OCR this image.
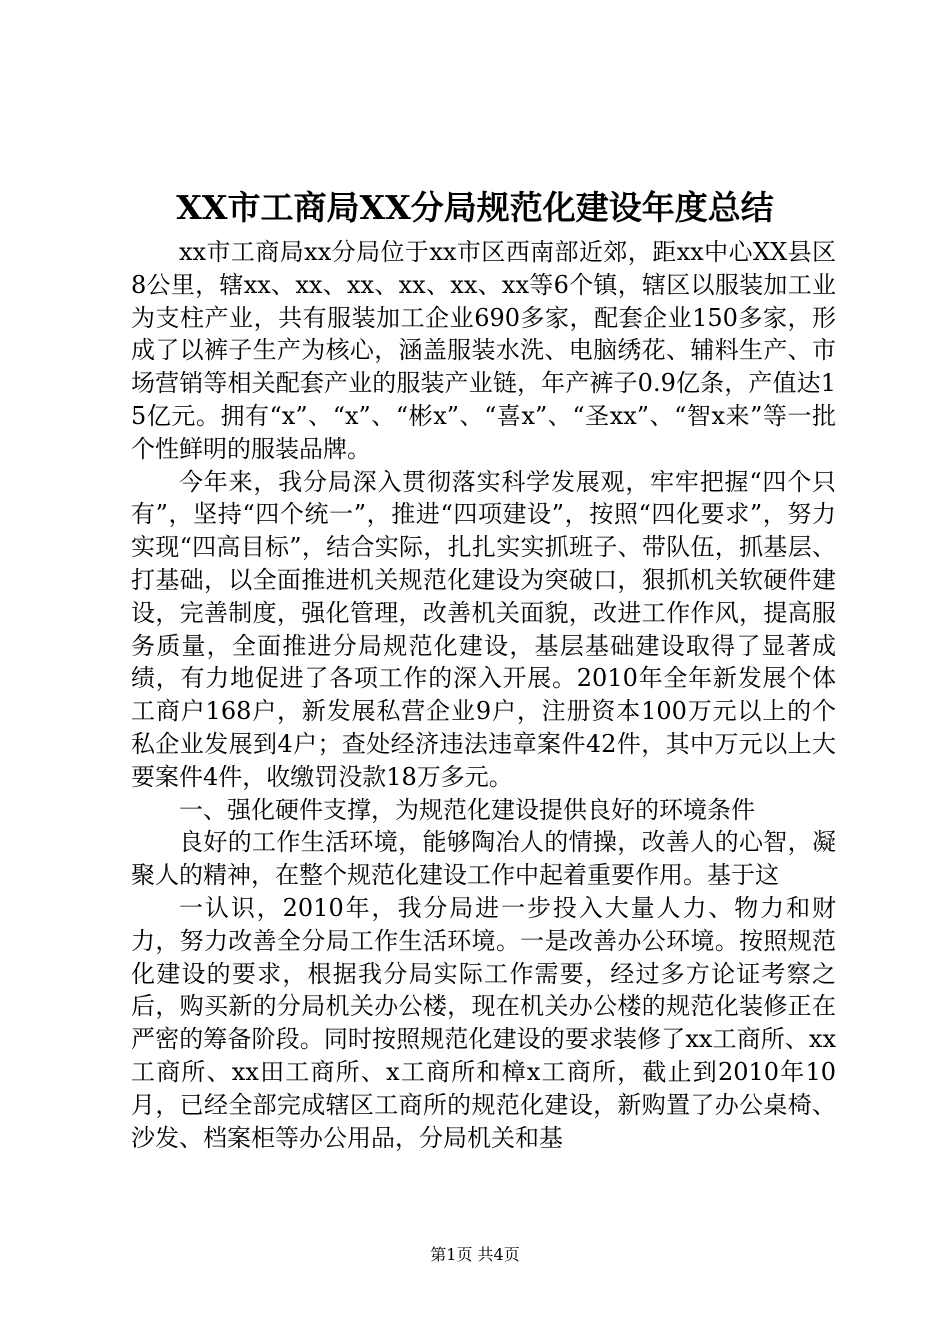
XX市工商局XX分局规范化建设年度总结

xx市工商局xx分局位于xx市区西南部近郊，距xx中心XX县区8公里，辖xx、xx、xx、xx、xx、xx等6个镇，辖区以服装加工业为支柱产业，共有服装加工企业690多家，配套企业150多家，形成了以裤子生产为核心，涵盖服装水洗、电脑绣花、辅料生产、市场营销等相关配套产业的服装产业链，年产裤子0.9亿条，产值达15亿元。拥有“x”、“x”、“彬x”、“喜x”、“圣xx”、“智x来”等一批个性鲜明的服装品牌。

今年来，我分局深入贯彻落实科学发展观，牢牢把握“四个只有”，坚持“四个统一”，推进“四项建设”，按照“四化要求”，努力实现“四高目标”，结合实际，扎扎实实抓班子、带队伍，抓基层、打基础，以全面推进机关规范化建设为突破口，狠抓机关软硬件建设，完善制度，强化管理，改善机关面貌，改进工作作风，提高服务质量，全面推进分局规范化建设，基层基础建设取得了显著成绩，有力地促进了各项工作的深入开展。2010年全年新发展个体工商户168户，新发展私营企业9户，注册资本100万元以上的个私企业发展到4户；查处经济违法违章案件42件，其中万元以上大要案件4件，收缴罚没款18万多元。

一、强化硬件支撑，为规范化建设提供良好的环境条件

良好的工作生活环境，能够陶冶人的情操，改善人的心智，凝聚人的精神，在整个规范化建设工作中起着重要作用。基于这

一认识，2010年，我分局进一步投入大量人力、物力和财力，努力改善全分局工作生活环境。一是改善办公环境。按照规范化建设的要求，根据我分局实际工作需要，经过多方论证考察之后，购买新的分局机关办公楼，现在机关办公楼的规范化装修正在严密的筹备阶段。同时按照规范化建设的要求装修了xx工商所、xx工商所、xx田工商所、x工商所和樟x工商所，截止到2010年10月，已经全部完成辖区工商所的规范化建设，新购置了办公桌椅、沙发、档案柜等办公用品，分局机关和基

第1页 共4页
